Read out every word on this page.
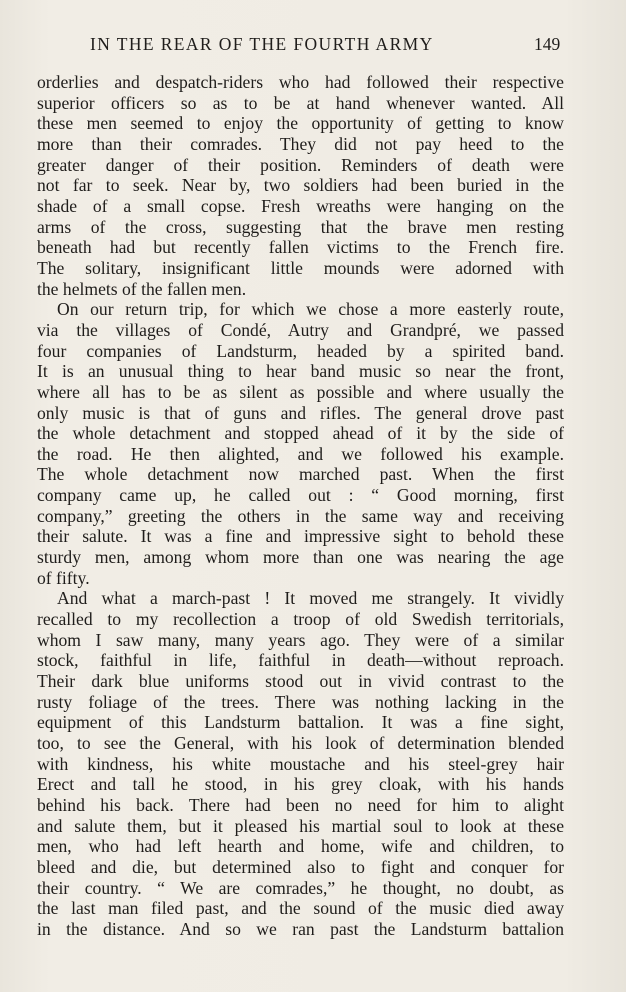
IN THE REAR OF THE FOURTH ARMY	149
orderlies and despatch-riders who had followed their respective
superior officers so as to be at hand whenever wanted. All
these men seemed to enjoy the opportunity of getting to know
more than their comrades. They did not pay heed to the
greater danger of their position. Reminders of death were
not far to seek. Near by, two soldiers had been buried in the
shade of a small copse. Fresh wreaths were hanging on the
arms of the cross, suggesting that the brave men resting
beneath had but recently fallen victims to the French fire.
The solitary, insignificant little mounds were adorned with
the helmets of the fallen men.
On our return trip, for which we chose a more easterly route,
via the villages of Condé, Autry and Grandpré, we passed
four companies of Landsturm, headed by a spirited band.
It is an unusual thing to hear band music so near the front,
where all has to be as silent as possible and where usually the
only music is that of guns and rifles. The general drove past
the whole detachment and stopped ahead of it by the side of
the road. He then alighted, and we followed his example.
The whole detachment now marched past. When the first
company came up, he called out : “ Good morning, first
company,” greeting the others in the same way and receiving
their salute. It was a fine and impressive sight to behold these
sturdy men, among whom more than one was nearing the age
of fifty.
And what a march-past ! It moved me strangely. It vividly
recalled to my recollection a troop of old Swedish territorials,
whom I saw many, many years ago. They were of a similar
stock, faithful in life, faithful in death—without reproach.
Their dark blue uniforms stood out in vivid contrast to the
rusty foliage of the trees. There was nothing lacking in the
equipment of this Landsturm battalion. It was a fine sight,
too, to see the General, with his look of determination blended
with kindness, his white moustache and his steel-grey hair
Erect and tall he stood, in his grey cloak, with his hands
behind his back. There had been no need for him to alight
and salute them, but it pleased his martial soul to look at these
men, who had left hearth and home, wife and children, to
bleed and die, but determined also to fight and conquer for
their country. “ We are comrades,” he thought, no doubt, as
the last man filed past, and the sound of the music died away
in the distance. And so we ran past the Landsturm battalion
